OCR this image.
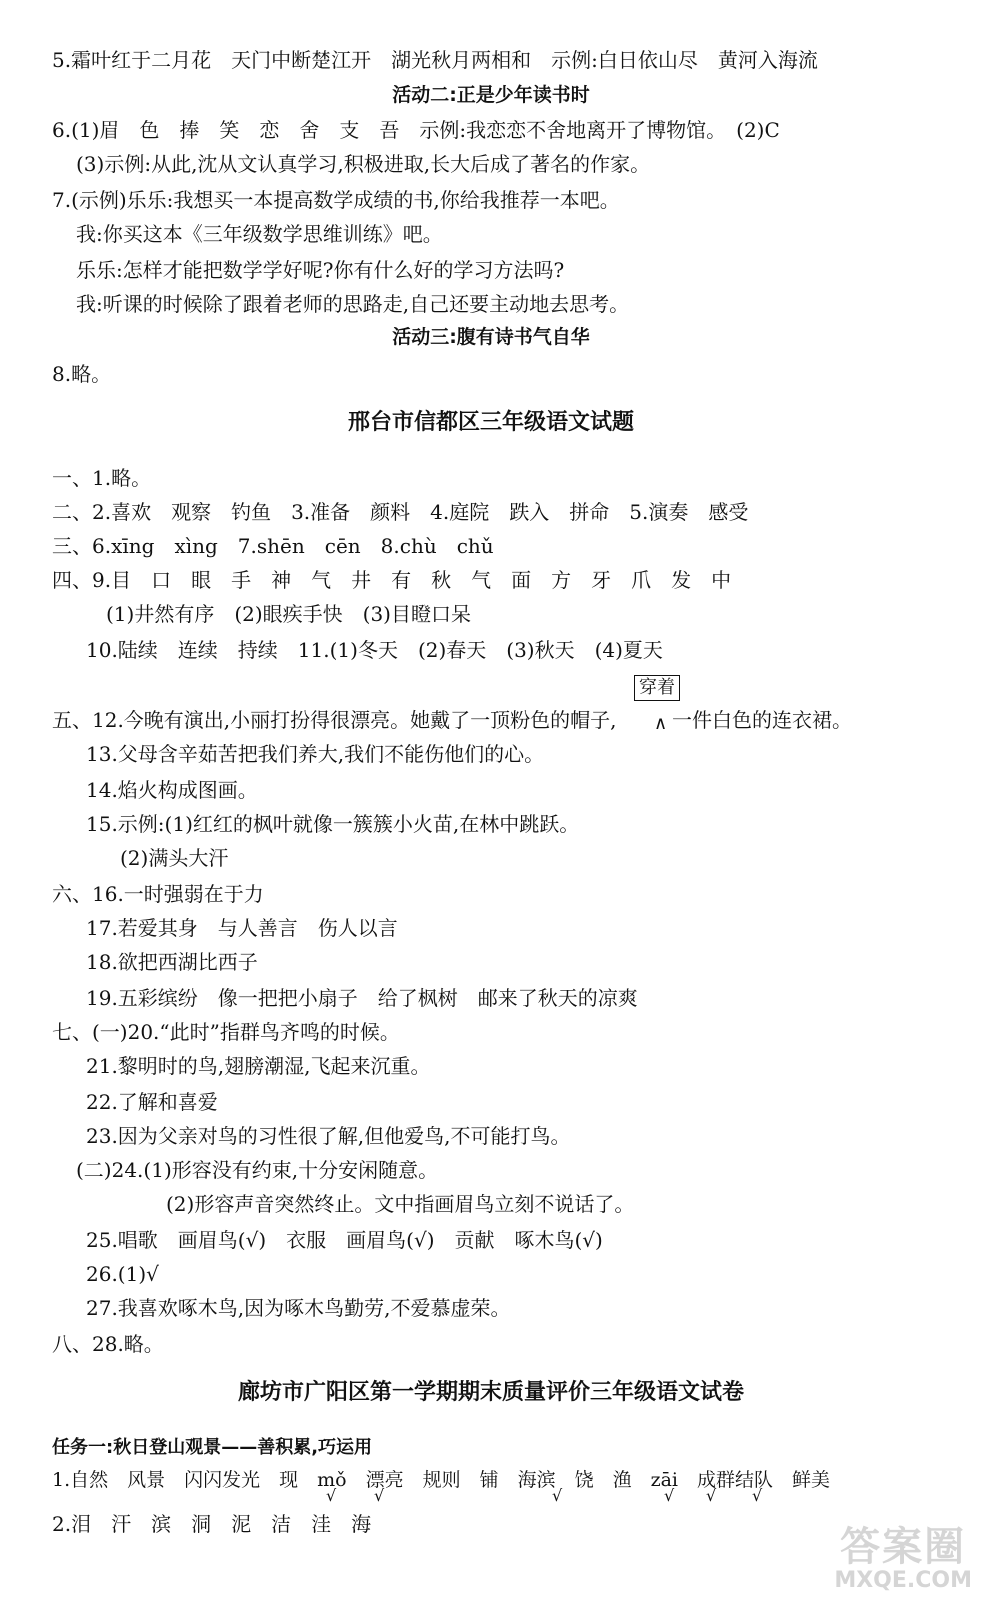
5.霜叶红于二月花　天门中断楚江开　湖光秋月两相和　示例:白日依山尽　黄河入海流
活动二:正是少年读书时
6.(1)眉　色　捧　笑　恋　舍　支　吾　示例:我恋恋不舍地离开了博物馆。　(2)C
(3)示例:从此,沈从文认真学习,积极进取,长大后成了著名的作家。
7.(示例)乐乐:我想买一本提高数学成绩的书,你给我推荐一本吧。
我:你买这本《三年级数学思维训练》吧。
乐乐:怎样才能把数学学好呢?你有什么好的学习方法吗?
我:听课的时候除了跟着老师的思路走,自己还要主动地去思考。
活动三:腹有诗书气自华
8.略。
邢台市信都区三年级语文试题
一、1.略。
二、2.喜欢　观察　钓鱼　3.准备　颜料　4.庭院　跌入　拼命　5.演奏　感受
三、6.xīng　xìng　7.shēn　cēn　8.chù　chǔ
四、9.目　口　眼　手　神　气　井　有　秋　气　面　方　牙　爪　发　中
(1)井然有序　(2)眼疾手快　(3)目瞪口呆
10.陆续　连续　持续　11.(1)冬天　(2)春天　(3)秋天　(4)夏天
穿着
五、12.今晚有演出,小丽打扮得很漂亮。她戴了一顶粉色的帽子, ∧ 一件白色的连衣裙。
13.父母含辛茹苦把我们养大,我们不能伤他们的心。
14.焰火构成图画。
15.示例:(1)红红的枫叶就像一簇簇小火苗,在林中跳跃。
(2)满头大汗
六、16.一时强弱在于力
17.若爱其身　与人善言　伤人以言
18.欲把西湖比西子
19.五彩缤纷　像一把把小扇子　给了枫树　邮来了秋天的凉爽
七、(一)20.“此时”指群鸟齐鸣的时候。
21.黎明时的鸟,翅膀潮湿,飞起来沉重。
22.了解和喜爱
23.因为父亲对鸟的习性很了解,但他爱鸟,不可能打鸟。
(二)24.(1)形容没有约束,十分安闲随意。
(2)形容声音突然终止。文中指画眉鸟立刻不说话了。
25.唱歌　画眉鸟(√)　衣服　画眉鸟(√)　贡献　啄木鸟(√)
26.(1)√
27.我喜欢啄木鸟,因为啄木鸟勤劳,不爱慕虚荣。
八、28.略。
廊坊市广阳区第一学期期末质量评价三年级语文试卷
任务一:秋日登山观景——善积累,巧运用
1.自然　风景　闪闪发光　现　mǒ　漂亮　规则　铺　海滨　饶　渔　zāi　成群结队　鲜美
√ √	√	√ √ √
2.泪　汗　滨　洞　泥　洁　洼　海	答案圈
MXQE.COM
